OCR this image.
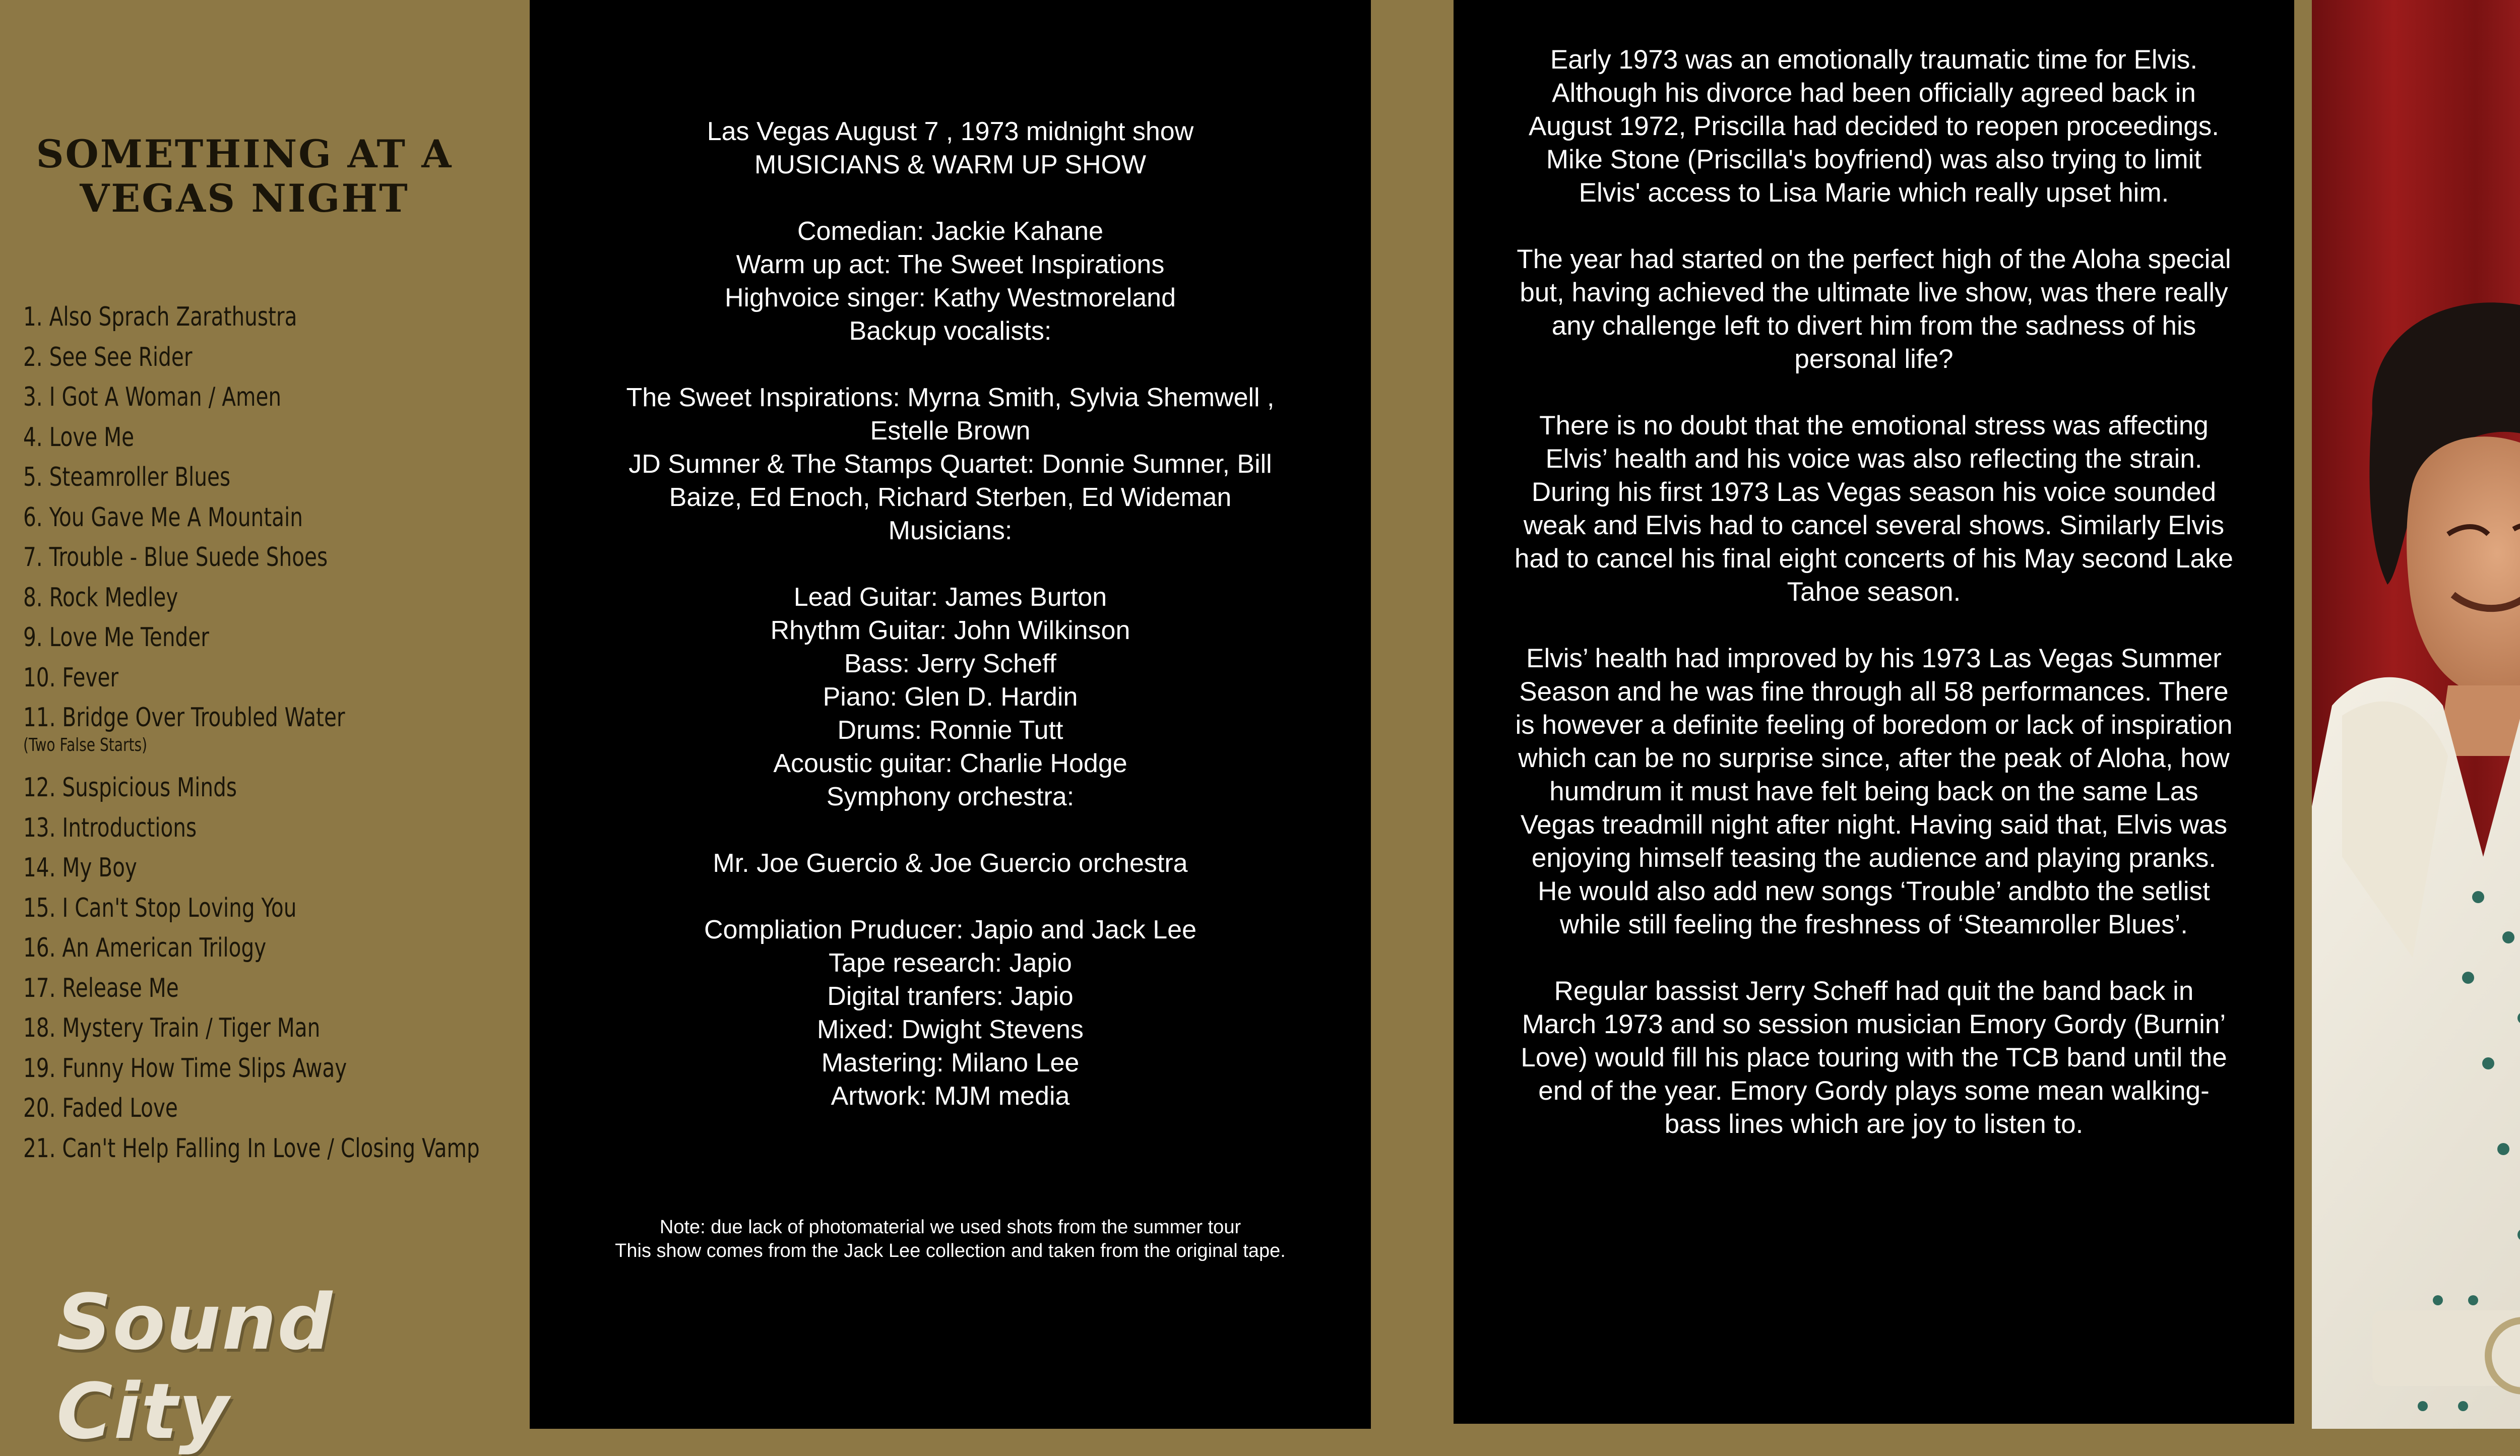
SOMETHING AT A VEGAS NIGHT
1. Also Sprach Zarathustra
2. See See Rider
3. I Got A Woman / Amen
4. Love Me
5. Steamroller Blues
6. You Gave Me A Mountain
7. Trouble - Blue Suede Shoes
8. Rock Medley
9. Love Me Tender
10. Fever
11. Bridge Over Troubled Water
(Two False Starts)
12. Suspicious Minds
13. Introductions
14. My Boy
15. I Can't Stop Loving You
16. An American Trilogy
17. Release Me
18. Mystery Train / Tiger Man
19. Funny How Time Slips Away
20. Faded Love
21. Can't Help Falling In Love / Closing Vamp
Sound City

Las Vegas August 7 , 1973 midnight show

MUSICIANS & WARM UP SHOW

Comedian: Jackie Kahane

Warm up act: The Sweet Inspirations

Highvoice singer: Kathy Westmoreland

Backup vocalists:

The Sweet Inspirations: Myrna Smith, Sylvia Shemwell ,

Estelle Brown

JD Sumner & The Stamps Quartet: Donnie Sumner, Bill

Baize, Ed Enoch, Richard Sterben, Ed Wideman

Musicians:

Lead Guitar: James Burton

Rhythm Guitar: John Wilkinson

Bass: Jerry Scheff

Piano: Glen D. Hardin

Drums: Ronnie Tutt

Acoustic guitar: Charlie Hodge

Symphony orchestra:

Mr. Joe Guercio & Joe Guercio orchestra

Compliation Pruducer: Japio and Jack Lee

Tape research: Japio

Digital tranfers: Japio

Mixed: Dwight Stevens

Mastering: Milano Lee

Artwork: MJM media

Note: due lack of photomaterial we used shots from the summer tour

This show comes from the Jack Lee collection and taken from the original tape.

Early 1973 was an emotionally traumatic time for Elvis. Although his divorce had been officially agreed back in August 1972, Priscilla had decided to reopen proceedings. Mike Stone (Priscilla's boyfriend) was also trying to limit Elvis' access to Lisa Marie which really upset him.

The year had started on the perfect high of the Aloha special but, having achieved the ultimate live show, was there really any challenge left to divert him from the sadness of his personal life?

There is no doubt that the emotional stress was affecting Elvis’ health and his voice was also reflecting the strain. During his first 1973 Las Vegas season his voice sounded weak and Elvis had to cancel several shows. Similarly Elvis had to cancel his final eight concerts of his May second Lake Tahoe season.

Elvis’ health had improved by his 1973 Las Vegas Summer Season and he was fine through all 58 performances. There is however a definite feeling of boredom or lack of inspiration which can be no surprise since, after the peak of Aloha, how humdrum it must have felt being back on the same Las Vegas treadmill night after night. Having said that, Elvis was enjoying himself teasing the audience and playing pranks. He would also add new songs ‘Trouble’ andbto the setlist while still feeling the freshness of ‘Steamroller Blues’.

Regular bassist Jerry Scheff had quit the band back in March 1973 and so session musician Emory Gordy (Burnin’ Love) would fill his place touring with the TCB band until the end of the year. Emory Gordy plays some mean walking-bass lines which are joy to listen to.
